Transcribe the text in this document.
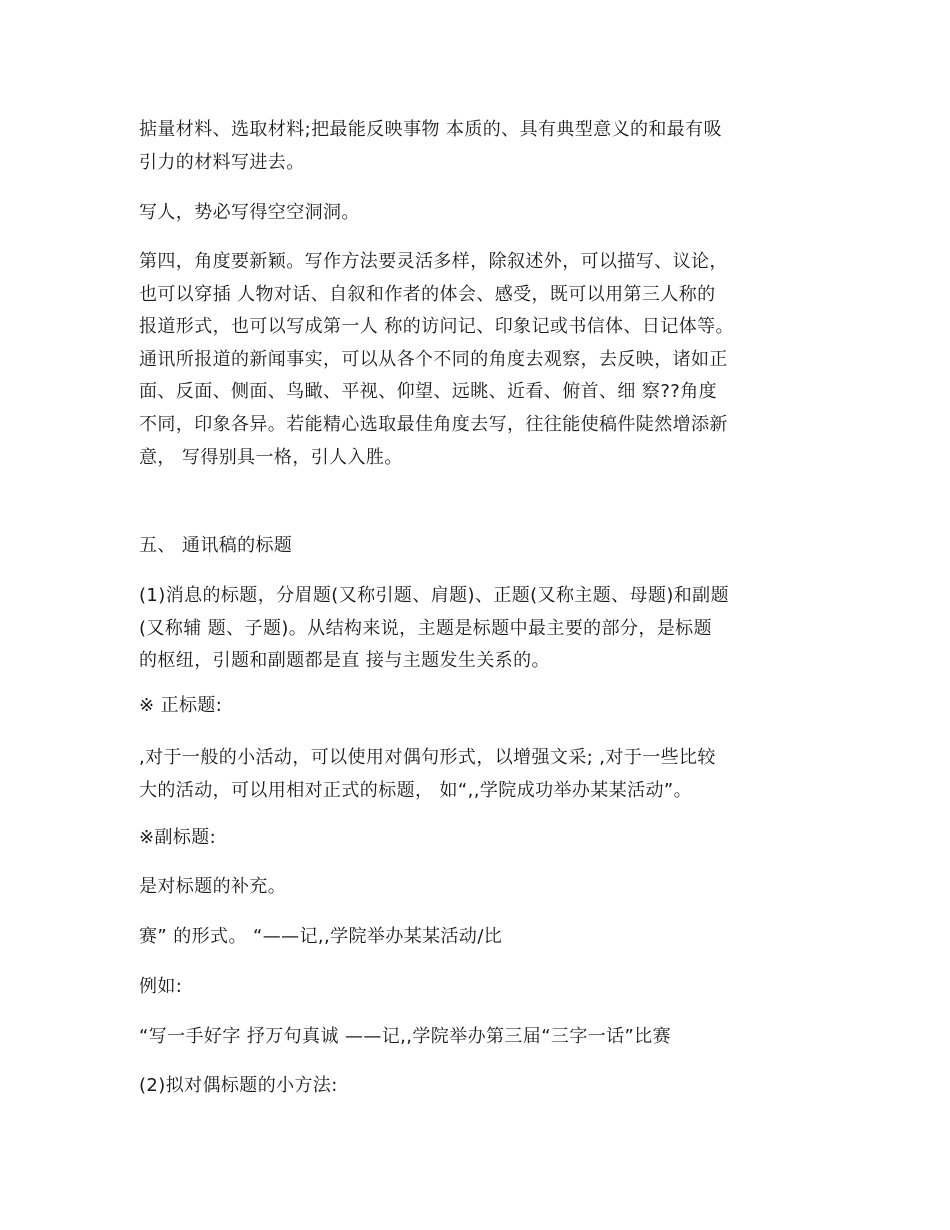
掂量材料、选取材料;把最能反映事物 本质的、具有典型意义的和最有吸
引力的材料写进去。
写人，势必写得空空洞洞。
第四，角度要新颖。写作方法要灵活多样，除叙述外，可以描写、议论，
也可以穿插 人物对话、自叙和作者的体会、感受，既可以用第三人称的
报道形式，也可以写成第一人 称的访问记、印象记或书信体、日记体等。
通讯所报道的新闻事实，可以从各个不同的角度去观察，去反映，诸如正
面、反面、侧面、鸟瞰、平视、仰望、远眺、近看、俯首、细 察??角度
不同，印象各异。若能精心选取最佳角度去写，往往能使稿件陡然增添新
意， 写得别具一格，引人入胜。
五、 通讯稿的标题
(1)消息的标题，分眉题(又称引题、肩题)、正题(又称主题、母题)和副题
(又称辅 题、子题)。从结构来说，主题是标题中最主要的部分，是标题
的枢纽，引题和副题都是直 接与主题发生关系的。
※ 正标题:
,对于一般的小活动，可以使用对偶句形式，以增强文采; ,对于一些比较
大的活动，可以用相对正式的标题， 如“,,学院成功举办某某活动”。
※副标题:
是对标题的补充。
赛” 的形式。 “——记,,学院举办某某活动/比
例如:
“写一手好字 抒万句真诚 ——记,,学院举办第三届“三字一话”比赛
(2)拟对偶标题的小方法:
